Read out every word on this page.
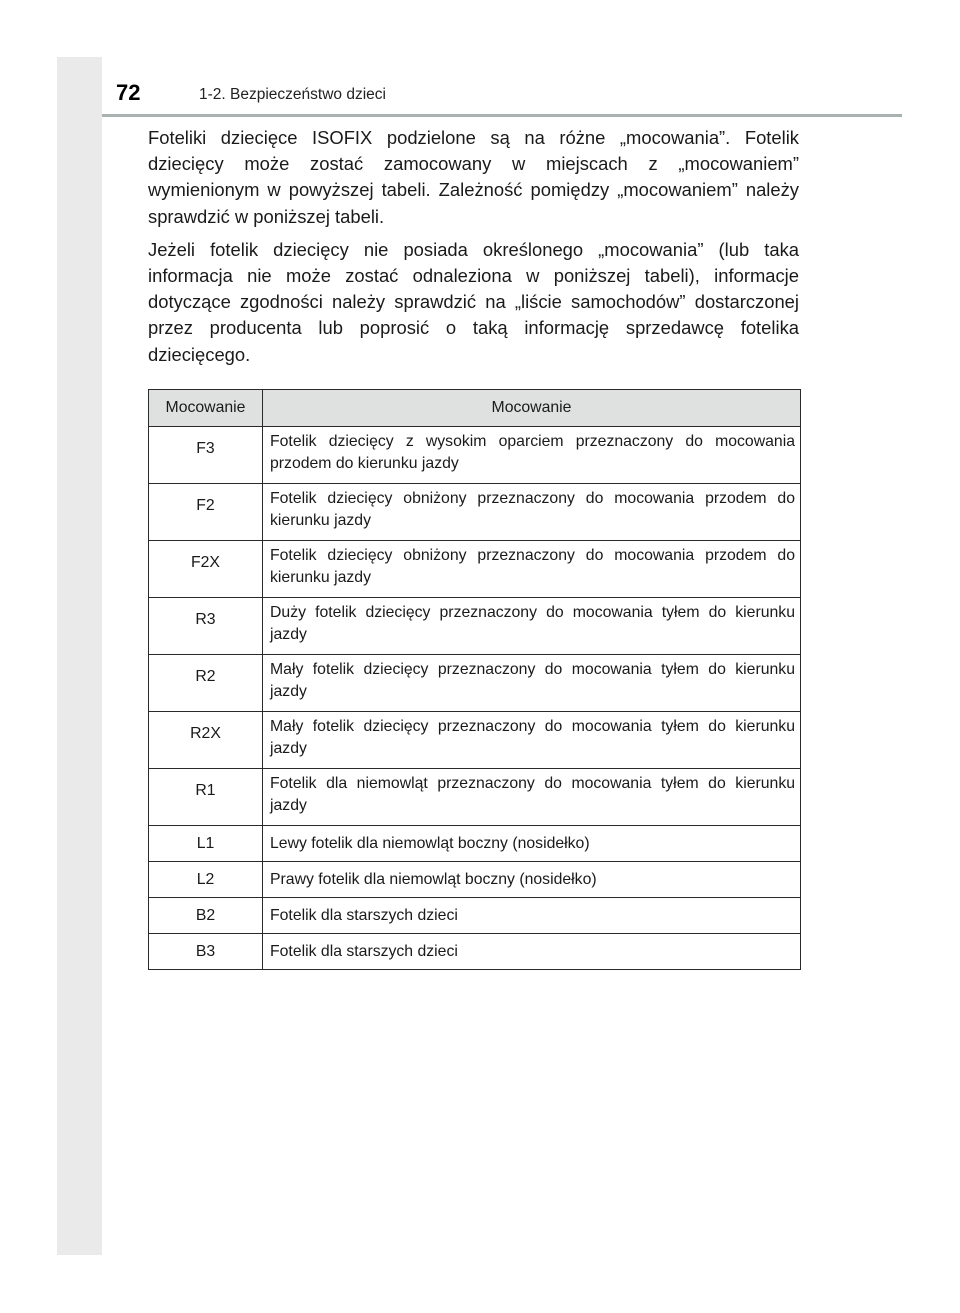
72	1-2. Bezpieczeństwo dzieci

Foteliki dziecięce ISOFIX podzielone są na różne „mocowania”. Fotelik dziecięcy może zostać zamocowany w miejscach z „mocowaniem” wymienionym w powyższej tabeli. Zależność pomiędzy „mocowaniem” należy sprawdzić w poniższej tabeli.

Jeżeli fotelik dziecięcy nie posiada określonego „mocowania” (lub taka informacja nie może zostać odnaleziona w poniższej tabeli), informacje dotyczące zgodności należy sprawdzić na „liście samochodów” dostarczonej przez producenta lub poprosić o taką informację sprzedawcę fotelika dziecięcego.

Mocowanie	Mocowanie
F3	Fotelik dziecięcy z wysokim oparciem przeznaczony do mocowania przodem do kierunku jazdy
F2	Fotelik dziecięcy obniżony przeznaczony do mocowania przodem do kierunku jazdy
F2X	Fotelik dziecięcy obniżony przeznaczony do mocowania przodem do kierunku jazdy
R3	Duży fotelik dziecięcy przeznaczony do mocowania tyłem do kierunku jazdy
R2	Mały fotelik dziecięcy przeznaczony do mocowania tyłem do kierunku jazdy
R2X	Mały fotelik dziecięcy przeznaczony do mocowania tyłem do kierunku jazdy
R1	Fotelik dla niemowląt przeznaczony do mocowania tyłem do kierunku jazdy
L1	Lewy fotelik dla niemowląt boczny (nosidełko)
L2	Prawy fotelik dla niemowląt boczny (nosidełko)
B2	Fotelik dla starszych dzieci
B3	Fotelik dla starszych dzieci
